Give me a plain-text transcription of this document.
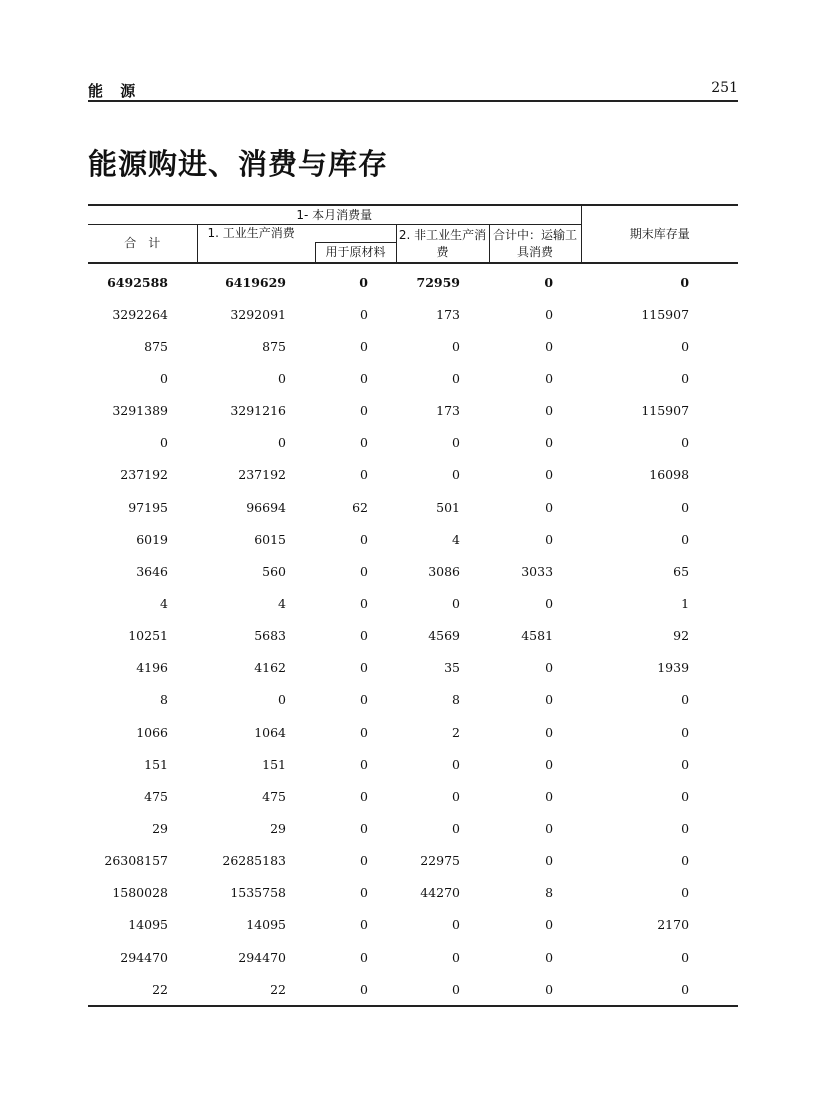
能 源	251
能源购进、消费与库存
1- 本月消费量					期末库存量
合　计	1. 工业生产消费		2. 非工业生产消费	合计中：运输工具消费	
		用于原材料			
6492588	6419629	0	72959	0	0
3292264	3292091	0	173	0	115907
875	875	0	0	0	0
0	0	0	0	0	0
3291389	3291216	0	173	0	115907
0	0	0	0	0	0
237192	237192	0	0	0	16098
97195	96694	62	501	0	0
6019	6015	0	4	0	0
3646	560	0	3086	3033	65
4	4	0	0	0	1
10251	5683	0	4569	4581	92
4196	4162	0	35	0	1939
8	0	0	8	0	0
1066	1064	0	2	0	0
151	151	0	0	0	0
475	475	0	0	0	0
29	29	0	0	0	0
26308157	26285183	0	22975	0	0
1580028	1535758	0	44270	8	0
14095	14095	0	0	0	2170
294470	294470	0	0	0	0
22	22	0	0	0	0
